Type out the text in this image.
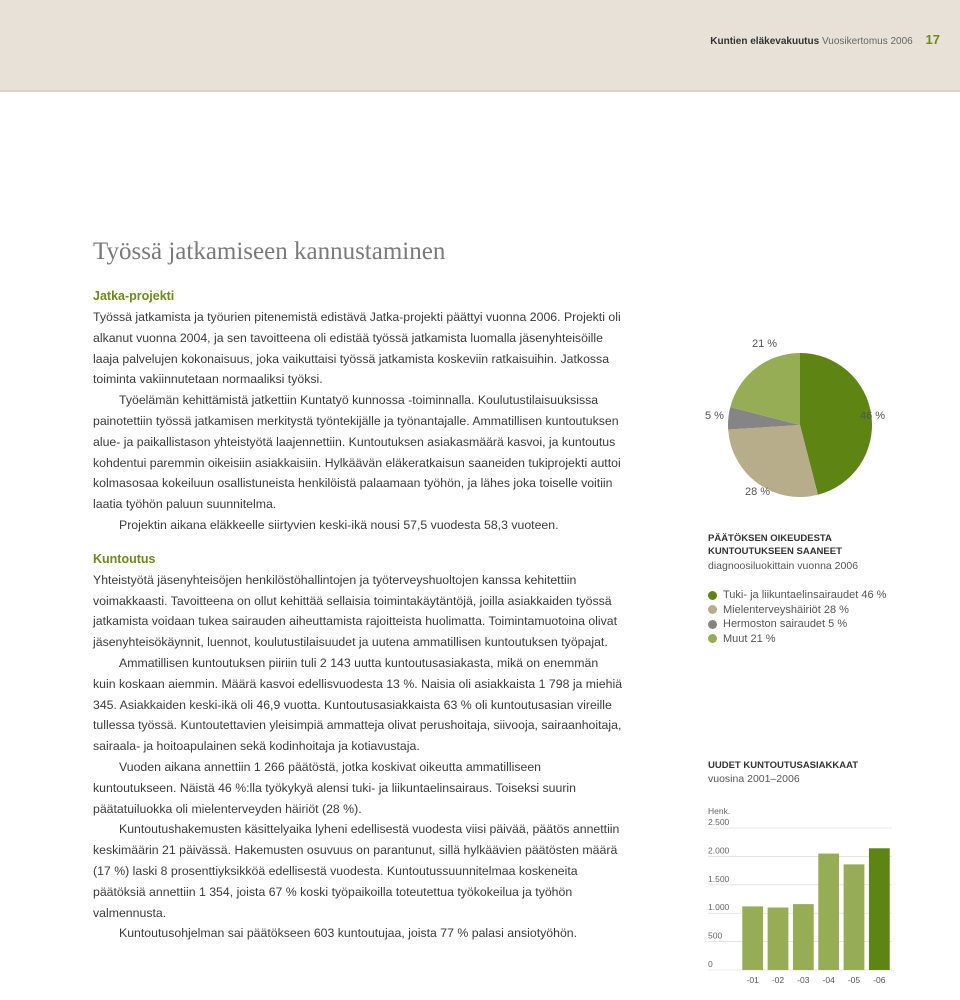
Kuntien eläkevakuutus Vuosikertomus 2006 17
Työssä jatkamiseen kannustaminen
Jatka-projekti

Työssä jatkamista ja työurien pitenemistä edistävä Jatka-projekti päättyi vuonna 2006. Projekti oli alkanut vuonna 2004, ja sen tavoitteena oli edistää työssä jatkamista luomalla jäsenyhteisöille laaja palvelujen kokonaisuus, joka vaikuttaisi työssä jatkamista koskeviin ratkaisuihin. Jatkossa toiminta vakiinnutetaan normaaliksi työksi.

Työelämän kehittämistä jatkettiin Kuntatyö kunnossa -toiminnalla. Koulutustilaisuuksissa painotettiin työssä jatkamisen merkitystä työntekijälle ja työnantajalle. Ammatillisen kuntoutuksen alue- ja paikallistason yhteistyötä laajennettiin. Kuntoutuksen asiakasmäärä kasvoi, ja kuntoutus kohdentui paremmin oikeisiin asiakkaisiin. Hylkäävän eläkeratkaisun saaneiden tukiprojekti auttoi kolmasosaa kokeiluun osallistuneista henkilöistä palaamaan työhön, ja lähes joka toiselle voitiin laatia työhön paluun suunnitelma.

Projektin aikana eläkkeelle siirtyvien keski-ikä nousi 57,5 vuodesta 58,3 vuoteen.

Kuntoutus

Yhteistyötä jäsenyhteisöjen henkilöstöhallintojen ja työterveyshuoltojen kanssa kehitettiin voimakkaasti. Tavoitteena on ollut kehittää sellaisia toimintakäytäntöjä, joilla asiakkaiden työssä jatkamista voidaan tukea sairauden aiheuttamista rajoitteista huolimatta. Toimintamuotoina olivat jäsenyhteisökäynnit, luennot, koulutustilaisuudet ja uutena ammatillisen kuntoutuksen työpajat.

Ammatillisen kuntoutuksen piiriin tuli 2 143 uutta kuntoutusasiakasta, mikä on enemmän kuin koskaan aiemmin. Määrä kasvoi edellisvuodesta 13 %. Naisia oli asiakkaista 1 798 ja miehiä 345. Asiakkaiden keski-ikä oli 46,9 vuotta. Kuntoutusasiakkaista 63 % oli kuntoutusasian vireille tullessa työssä. Kuntoutettavien yleisimpiä ammatteja olivat perushoitaja, siivooja, sairaanhoitaja, sairaala- ja hoitoapulainen sekä kodinhoitaja ja kotiavustaja.

Vuoden aikana annettiin 1 266 päätöstä, jotka koskivat oikeutta ammatilliseen kuntoutukseen. Näistä 46 %:lla työkykyä alensi tuki- ja liikuntaelinsairaus. Toiseksi suurin päätatuiluokka oli mielenterveyden häiriöt (28 %).

Kuntoutushakemusten käsittelyaika lyheni edellisestä vuodesta viisi päivää, päätös annettiin keskimäärin 21 päivässä. Hakemusten osuvuus on parantunut, sillä hylkäävien päätösten määrä (17 %) laski 8 prosenttiyksikköä edellisestä vuodesta. Kuntoutussuunnitelmaa koskeneita päätöksiä annettiin 1 354, joista 67 % koski työpaikoilla toteutettua työkokeilua ja työhön valmennusta.

Kuntoutusohjelman sai päätökseen 603 kuntoutujaa, joista 77 % palasi ansiotyöhön.

46 %
28 %
5 %
21 %
PÄÄTÖKSEN OIKEUDESTA
KUNTOUTUKSEEN SAANEET
diagnoosiluokittain vuonna 2006
Tuki- ja liikuntaelinsairaudet 46 %
Mielenterveyshäiriöt 28 %
Hermoston sairaudet 5 %
Muut 21 %
UUDET KUNTOUTUSASIAKKAAT
vuosina 2001–2006
Henk.
0
500
1.000
1.500
2.000
2.500
-01 -02 -03 -04 -05 -06
